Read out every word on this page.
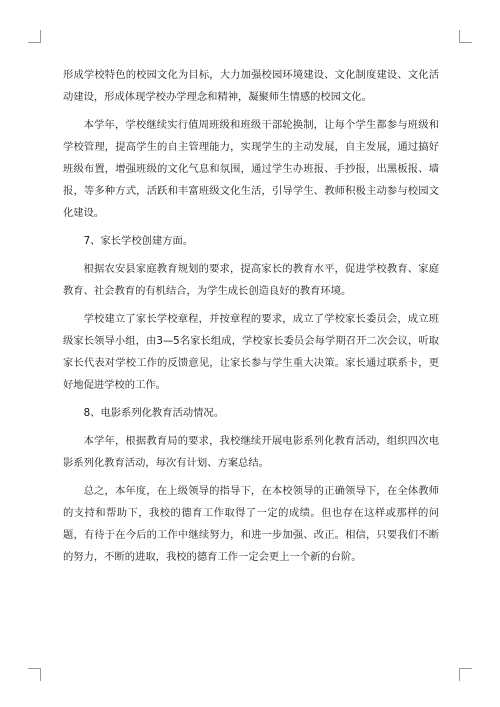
形成学校特色的校园文化为目标，大力加强校园环境建设、文化制度建设、文化活动建设，形成体现学校办学理念和精神，凝聚师生情感的校园文化。

本学年，学校继续实行值周班级和班级干部轮换制，让每个学生都参与班级和学校管理，提高学生的自主管理能力，实现学生的主动发展，自主发展，通过搞好班级布置，增强班级的文化气息和氛围，通过学生办班报、手抄报，出黑板报、墙报，等多种方式，活跃和丰富班级文化生活，引导学生、教师积极主动参与校园文化建设。

7、家长学校创建方面。

根据农安县家庭教育规划的要求，提高家长的教育水平，促进学校教育、家庭教育、社会教育的有机结合，为学生成长创造良好的教育环境。

学校建立了家长学校章程，并按章程的要求，成立了学校家长委员会，成立班级家长领导小组，由3—5名家长组成，学校家长委员会每学期召开二次会议，听取家长代表对学校工作的反馈意见，让家长参与学生重大决策。家长通过联系卡，更好地促进学校的工作。

8、电影系列化教育活动情况。

本学年，根据教育局的要求，我校继续开展电影系列化教育活动，组织四次电影系列化教育活动，每次有计划、方案总结。

总之，本年度，在上级领导的指导下，在本校领导的正确领导下，在全体教师的支持和帮助下，我校的德育工作取得了一定的成绩。但也存在这样或那样的问题，有待于在今后的工作中继续努力，和进一步加强、改正。相信，只要我们不断的努力，不断的进取，我校的德育工作一定会更上一个新的台阶。
